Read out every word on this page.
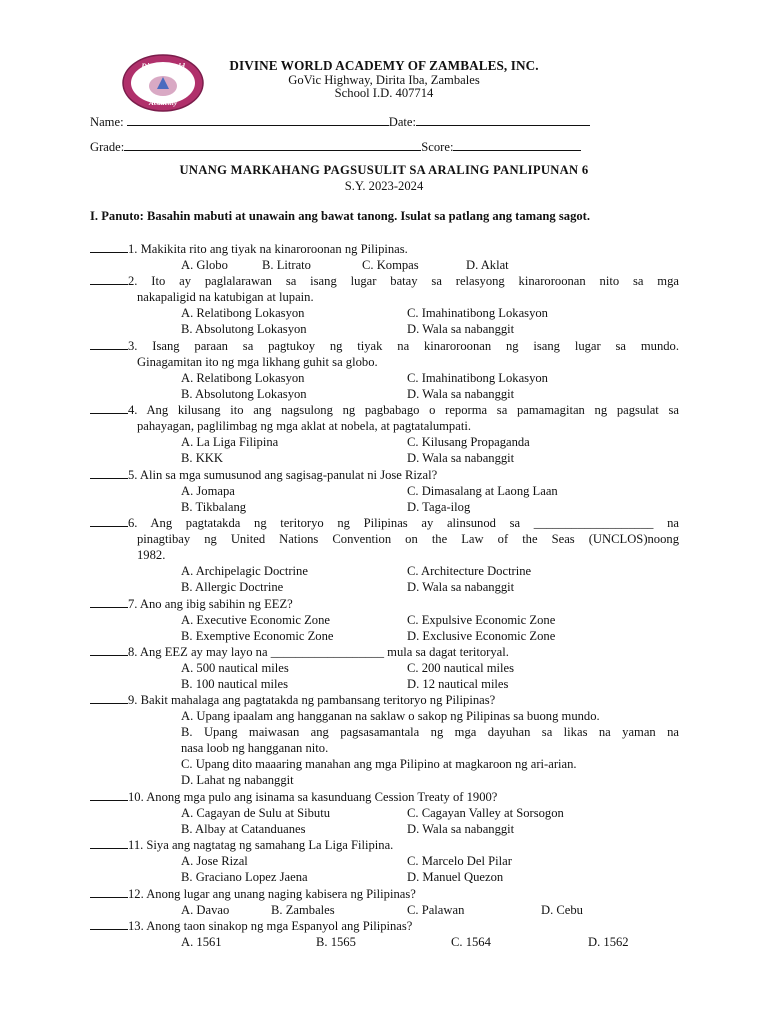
Divine World
Academy
DIVINE WORLD ACADEMY OF ZAMBALES, INC.
GoVic Highway, Dirita Iba, Zambales
School I.D. 407714
Name:	Date:
Grade:	Score:
UNANG MARKAHANG PAGSUSULIT SA ARALING PANLIPUNAN 6
S.Y. 2023-2024
I. Panuto: Basahin mabuti at unawain ang bawat tanong. Isulat sa patlang ang tamang sagot.
1. Makikita rito ang tiyak na kinaroroonan ng Pilipinas.
A. Globo	B. Litrato	C. Kompas	D. Aklat
2. Ito ay paglalarawan sa isang lugar batay sa relasyong kinaroroonan nito sa mga
nakapaligid na katubigan at lupain.
A. Relatibong Lokasyon	C. Imahinatibong Lokasyon
B. Absolutong Lokasyon	D. Wala sa nabanggit
3. Isang paraan sa pagtukoy ng tiyak na kinaroroonan ng isang lugar sa mundo.
Ginagamitan ito ng mga likhang guhit sa globo.
A. Relatibong Lokasyon	C. Imahinatibong Lokasyon
B. Absolutong Lokasyon	D. Wala sa nabanggit
4. Ang kilusang ito ang nagsulong ng pagbabago o reporma sa pamamagitan ng pagsulat sa
pahayagan, paglilimbag ng mga aklat at nobela, at pagtatalumpati.
A. La Liga Filipina	C. Kilusang Propaganda
B. KKK	D. Wala sa nabanggit
5. Alin sa mga sumusunod ang sagisag-panulat ni Jose Rizal?
A. Jomapa	C. Dimasalang at Laong Laan
B. Tikbalang	D. Taga-ilog
6. Ang pagtatakda ng teritoryo ng Pilipinas ay alinsunod sa ___________________ na
pinagtibay ng United Nations Convention on the Law of the Seas (UNCLOS)noong
1982.
A. Archipelagic Doctrine	C. Architecture Doctrine
B. Allergic Doctrine	D. Wala sa nabanggit
7. Ano ang ibig sabihin ng EEZ?
A. Executive Economic Zone	C. Expulsive Economic Zone
B. Exemptive Economic Zone	D. Exclusive Economic Zone
8. Ang EEZ ay may layo na __________________ mula sa dagat teritoryal.
A. 500 nautical miles	C. 200 nautical miles
B. 100 nautical miles	D. 12 nautical miles
9. Bakit mahalaga ang pagtatakda ng pambansang teritoryo ng Pilipinas?
A. Upang ipaalam ang hangganan na saklaw o sakop ng Pilipinas sa buong mundo.
B. Upang maiwasan ang pagsasamantala ng mga dayuhan sa likas na yaman na
nasa loob ng hangganan nito.
C. Upang dito maaaring manahan ang mga Pilipino at magkaroon ng ari-arian.
D. Lahat ng nabanggit
10. Anong mga pulo ang isinama sa kasunduang Cession Treaty of 1900?
A. Cagayan de Sulu at Sibutu	C. Cagayan Valley at Sorsogon
B. Albay at Catanduanes	D. Wala sa nabanggit
11. Siya ang nagtatag ng samahang La Liga Filipina.
A. Jose Rizal	C. Marcelo Del Pilar
B. Graciano Lopez Jaena	D. Manuel Quezon
12. Anong lugar ang unang naging kabisera ng Pilipinas?
A. Davao	B. Zambales	C. Palawan	D. Cebu
13. Anong taon sinakop ng mga Espanyol ang Pilipinas?
A. 1561	B. 1565	C. 1564	D. 1562
